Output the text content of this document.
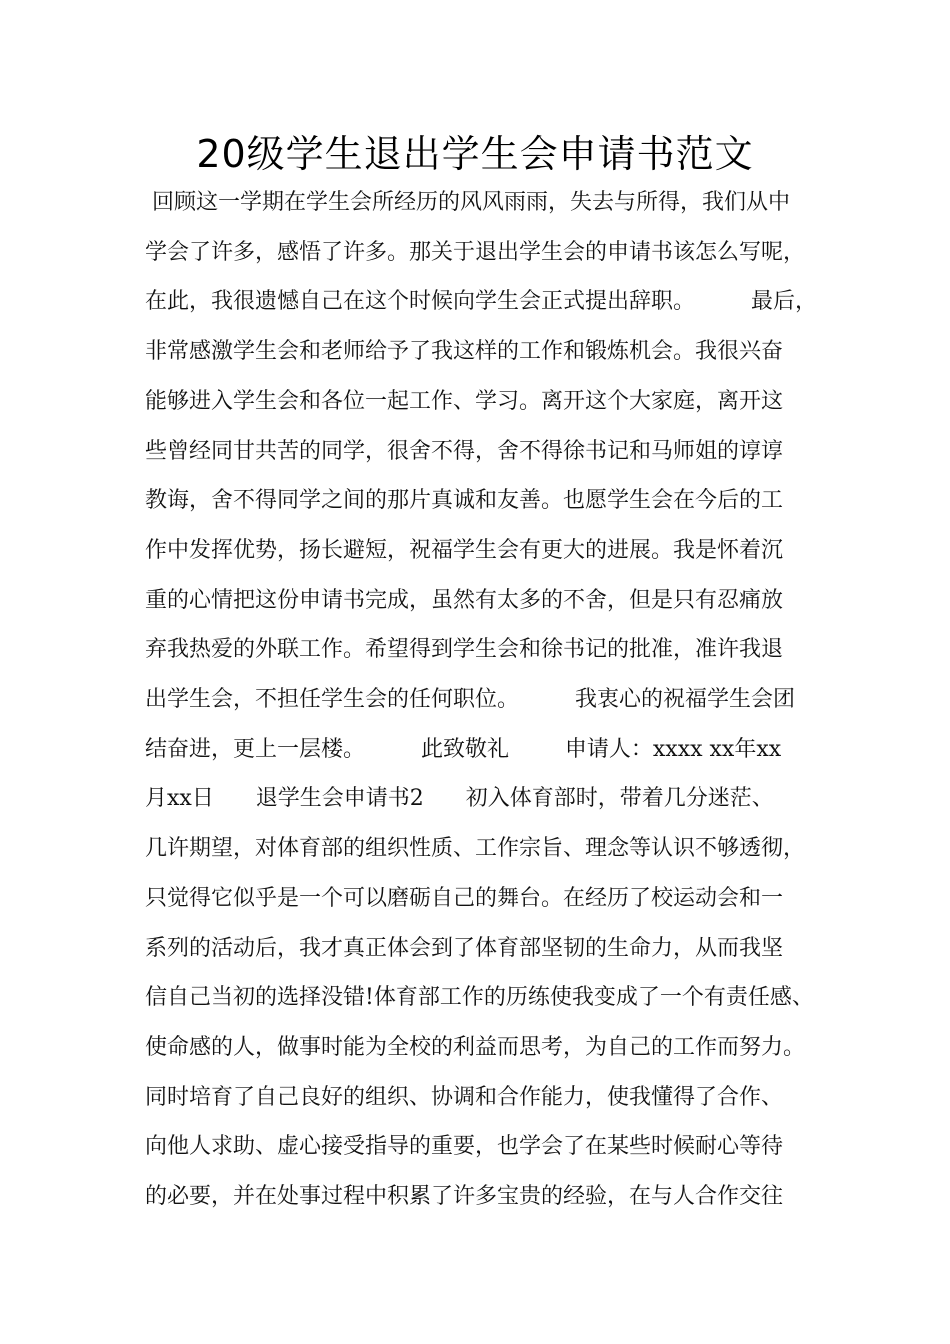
20级学生退出学生会申请书范文
回顾这一学期在学生会所经历的风风雨雨，失去与所得，我们从中
学会了许多，感悟了许多。那关于退出学生会的申请书该怎么写呢，
在此，我很遗憾自己在这个时候向学生会正式提出辞职。        最后，
非常感激学生会和老师给予了我这样的工作和锻炼机会。我很兴奋
能够进入学生会和各位一起工作、学习。离开这个大家庭，离开这
些曾经同甘共苦的同学，很舍不得，舍不得徐书记和马师姐的谆谆
教诲，舍不得同学之间的那片真诚和友善。也愿学生会在今后的工
作中发挥优势，扬长避短，祝福学生会有更大的进展。我是怀着沉
重的心情把这份申请书完成，虽然有太多的不舍，但是只有忍痛放
弃我热爱的外联工作。希望得到学生会和徐书记的批准，准许我退
出学生会，不担任学生会的任何职位。        我衷心的祝福学生会团
结奋进，更上一层楼。        此致敬礼        申请人：xxxx xx年xx
月xx日      退学生会申请书2      初入体育部时，带着几分迷茫、
几许期望，对体育部的组织性质、工作宗旨、理念等认识不够透彻，
只觉得它似乎是一个可以磨砺自己的舞台。在经历了校运动会和一
系列的活动后，我才真正体会到了体育部坚韧的生命力，从而我坚
信自己当初的选择没错!体育部工作的历练使我变成了一个有责任感、
使命感的人，做事时能为全校的利益而思考，为自己的工作而努力。
同时培育了自己良好的组织、协调和合作能力，使我懂得了合作、
向他人求助、虚心接受指导的重要，也学会了在某些时候耐心等待
的必要，并在处事过程中积累了许多宝贵的经验，在与人合作交往
